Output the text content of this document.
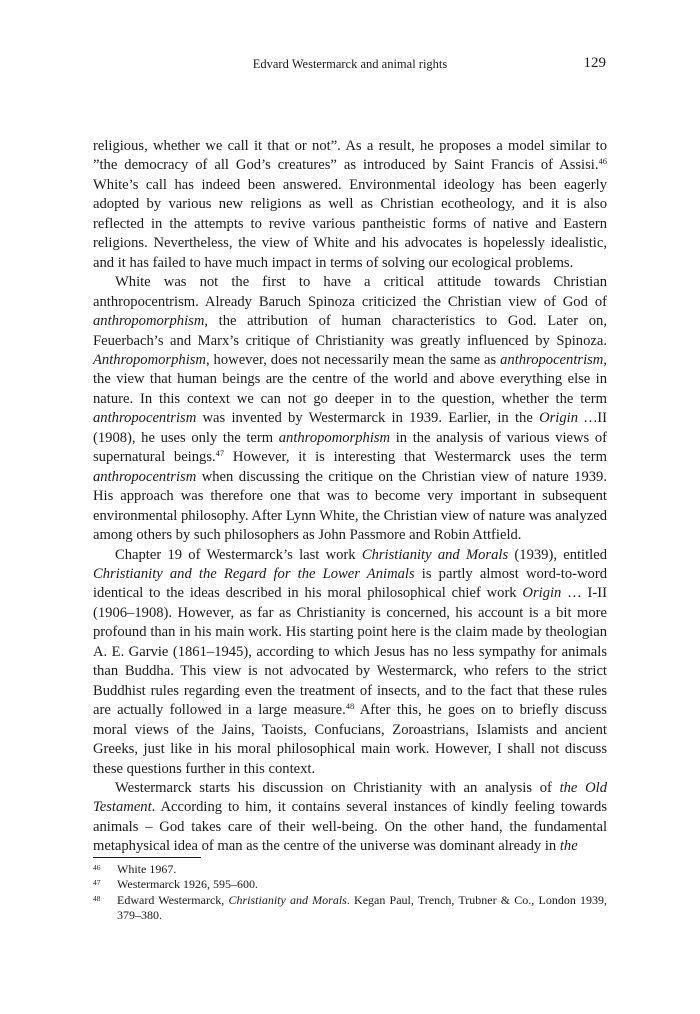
Edvard Westermarck and animal rights	129

religious, whether we call it that or not”. As a result, he proposes a model similar to ”the democracy of all God’s creatures” as introduced by Saint Francis of Assisi.$^{46}$ White’s call has indeed been answered. Environmental ideology has been eagerly adopted by various new religions as well as Christian ecotheology, and it is also reflected in the attempts to revive various pantheistic forms of native and Eastern religions. Nevertheless, the view of White and his advocates is hopelessly idealistic, and it has failed to have much impact in terms of solving our ecological problems.

White was not the first to have a critical attitude towards Christian anthropocentrism. Already Baruch Spinoza criticized the Christian view of God of anthropomorphism, the attribution of human characteristics to God. Later on, Feuerbach’s and Marx’s critique of Christianity was greatly influenced by Spinoza. Anthropomorphism, however, does not necessarily mean the same as anthropocentrism, the view that human beings are the centre of the world and above everything else in nature. In this context we can not go deeper in to the question, whether the term anthropocentrism was invented by Westermarck in 1939. Earlier, in the Origin …II (1908), he uses only the term anthropomorphism in the analysis of various views of supernatural beings.$^{47}$ However, it is interesting that Westermarck uses the term anthropocentrism when discussing the critique on the Christian view of nature 1939. His approach was therefore one that was to become very important in subsequent environmental philosophy. After Lynn White, the Christian view of nature was analyzed among others by such philosophers as John Passmore and Robin Attfield.

Chapter 19 of Westermarck’s last work Christianity and Morals (1939), entitled Christianity and the Regard for the Lower Animals is partly almost word-to-word identical to the ideas described in his moral philosophical chief work Origin … I-II (1906–1908). However, as far as Christianity is concerned, his account is a bit more profound than in his main work. His starting point here is the claim made by theologian A. E. Garvie (1861–1945), according to which Jesus has no less sympathy for animals than Buddha. This view is not advocated by Westermarck, who refers to the strict Buddhist rules regarding even the treatment of insects, and to the fact that these rules are actually followed in a large measure.$^{48}$ After this, he goes on to briefly discuss moral views of the Jains, Taoists, Confucians, Zoroastrians, Islamists and ancient Greeks, just like in his moral philosophical main work. However, I shall not discuss these questions further in this context.

Westermarck starts his discussion on Christianity with an analysis of the Old Testament. According to him, it contains several instances of kindly feeling towards animals – God takes care of their well-being. On the other hand, the fundamental metaphysical idea of man as the centre of the universe was dominant already in the

46	White 1967.
47	Westermarck 1926, 595–600.
48	Edward Westermarck, Christianity and Morals. Kegan Paul, Trench, Trubner & Co., London 1939, 379–380.
